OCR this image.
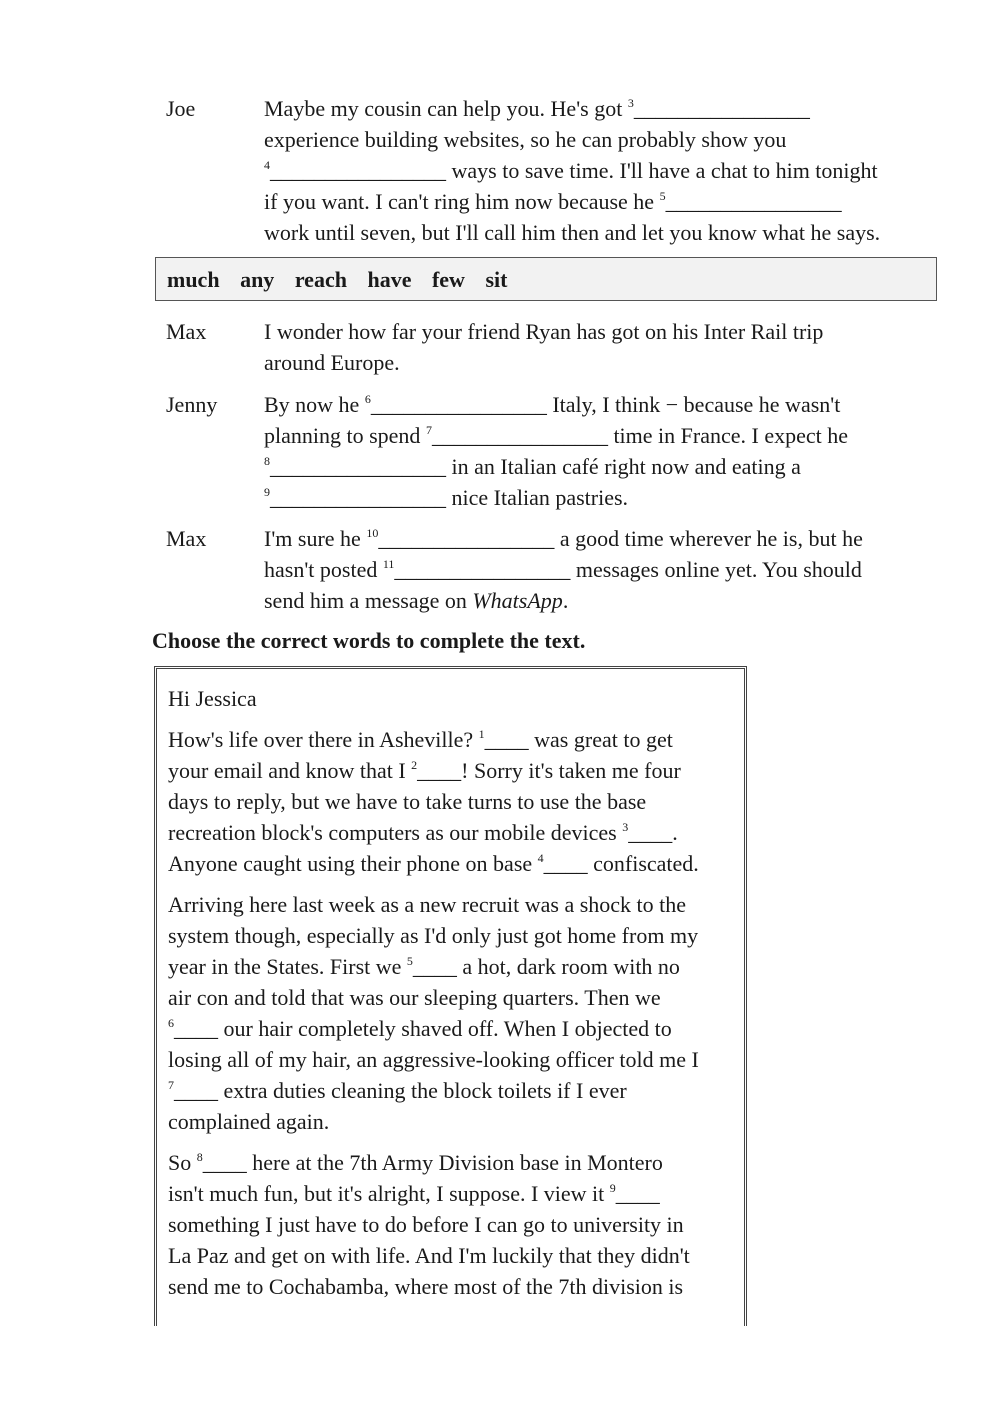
Joe	Maybe my cousin can help you. He's got $^3$________________
experience building websites, so he can probably show you
$^4$________________ ways to save time. I'll have a chat to him tonight
if you want. I can't ring him now because he $^5$________________
work until seven, but I'll call him then and let you know what he says.
much any reach have few sit
Max	I wonder how far your friend Ryan has got on his Inter Rail trip
around Europe.
Jenny	By now he $^6$________________ Italy, I think − because he wasn't
planning to spend $^7$________________ time in France. I expect he
$^8$________________ in an Italian café right now and eating a
$^9$________________ nice Italian pastries.
Max	I'm sure he $^{10}$________________ a good time wherever he is, but he
hasn't posted $^{11}$________________ messages online yet. You should
send him a message on WhatsApp.
Choose the correct words to complete the text.

Hi Jessica

How's life over there in Asheville? $^1$____ was great to get
your email and know that I $^2$____! Sorry it's taken me four
days to reply, but we have to take turns to use the base
recreation block's computers as our mobile devices $^3$____.
Anyone caught using their phone on base $^4$____ confiscated.
Arriving here last week as a new recruit was a shock to the
system though, especially as I'd only just got home from my
year in the States. First we $^5$____ a hot, dark room with no
air con and told that was our sleeping quarters. Then we
$^6$____ our hair completely shaved off. When I objected to
losing all of my hair, an aggressive-looking officer told me I
$^7$____ extra duties cleaning the block toilets if I ever
complained again.
So $^8$____ here at the 7th Army Division base in Montero
isn't much fun, but it's alright, I suppose. I view it $^9$____
something I just have to do before I can go to university in
La Paz and get on with life. And I'm luckily that they didn't
send me to Cochabamba, where most of the 7th division is
